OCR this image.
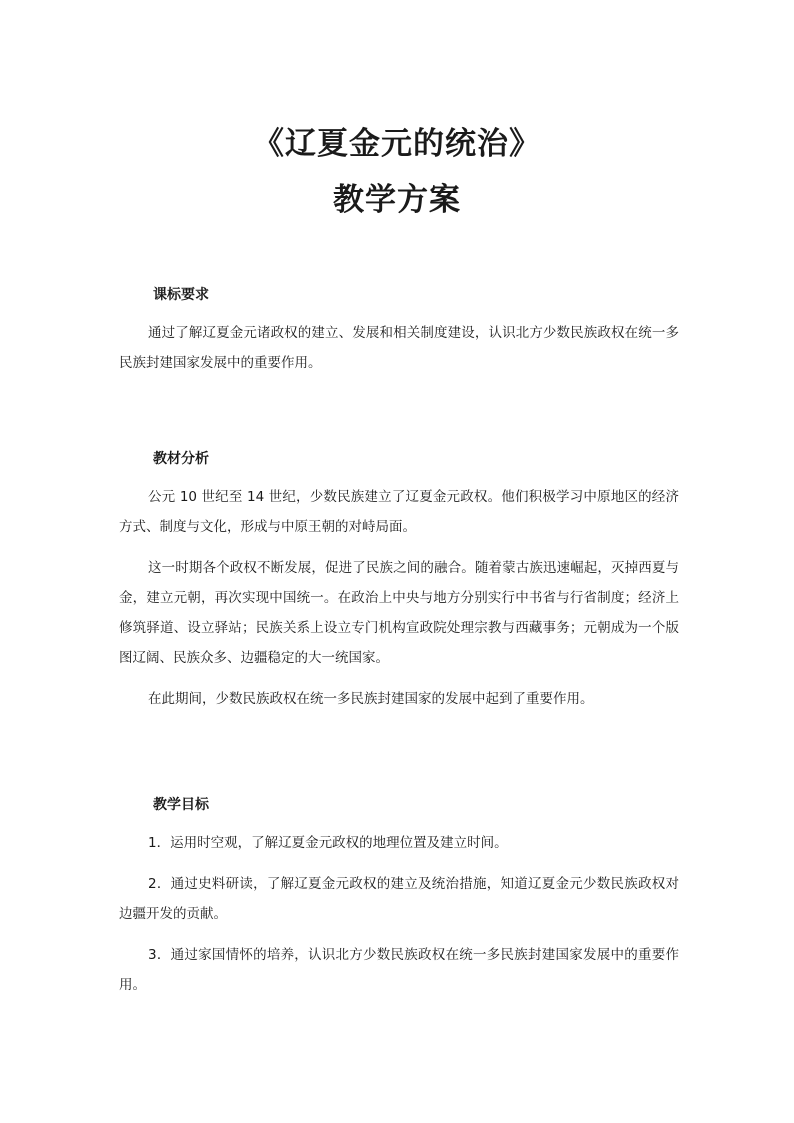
《辽夏金元的统治》
教学方案
课标要求

通过了解辽夏金元诸政权的建立、发展和相关制度建设，认识北方少数民族政权在统一多民族封建国家发展中的重要作用。

教材分析

公元 10 世纪至 14 世纪，少数民族建立了辽夏金元政权。他们积极学习中原地区的经济方式、制度与文化，形成与中原王朝的对峙局面。

这一时期各个政权不断发展，促进了民族之间的融合。随着蒙古族迅速崛起，灭掉西夏与金，建立元朝，再次实现中国统一。在政治上中央与地方分别实行中书省与行省制度；经济上修筑驿道、设立驿站；民族关系上设立专门机构宣政院处理宗教与西藏事务；元朝成为一个版图辽阔、民族众多、边疆稳定的大一统国家。

在此期间，少数民族政权在统一多民族封建国家的发展中起到了重要作用。

教学目标

1．运用时空观，了解辽夏金元政权的地理位置及建立时间。

2．通过史料研读，了解辽夏金元政权的建立及统治措施，知道辽夏金元少数民族政权对边疆开发的贡献。

3．通过家国情怀的培养，认识北方少数民族政权在统一多民族封建国家发展中的重要作用。
